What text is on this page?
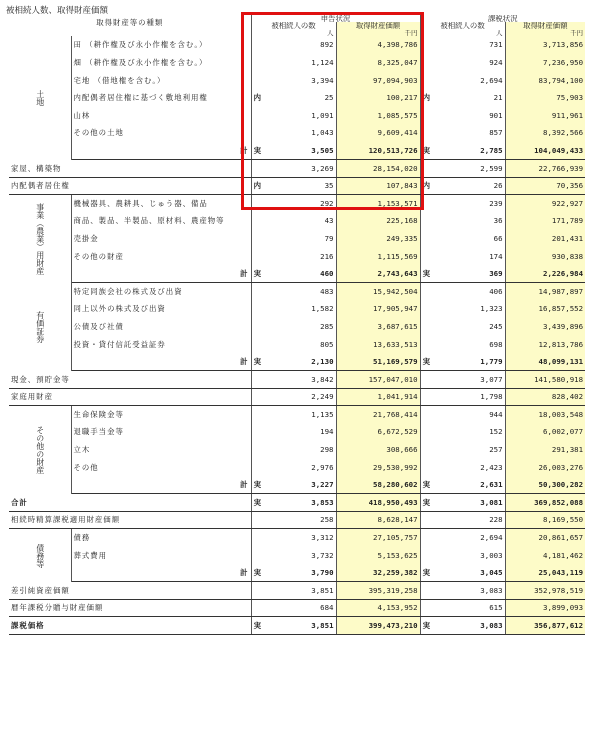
被相続人数、取得財産価額
取得財産等の種類		申告状況			課税状況		
		被相続人の数		取得財産価額	被相続人の数		取得財産価額
		人		千円	人		千円

土地	田 （耕作権及び永小作権を含む。）		892	4,398,786		731	3,713,856
	畑 （耕作権及び永小作権を含む。）		1,124	8,325,047		924	7,236,950
	宅地 （借地権を含む。）		3,394	97,094,903		2,694	83,794,100
	内配偶者居住権に基づく敷地利用権	内	25	100,217	内	21	75,903
	山林		1,091	1,085,575		901	911,961
	その他の土地		1,043	9,609,414		857	8,392,566
	計	実	3,505	120,513,726	実	2,785	104,049,433
家屋、構築物			3,269	28,154,020		2,599	22,766,939
内配偶者居住権		内	35	107,843	内	26	70,356

事業（農業）用財産	機械器具、農耕具、じゅう器、備品		292	1,153,571		239	922,927
	商品、製品、半製品、原材料、農産物等		43	225,168		36	171,789
	売掛金		79	249,335		66	201,431
	その他の財産		216	1,115,569		174	930,838
	計	実	460	2,743,643	実	369	2,226,984

有価証券	特定同族会社の株式及び出資		483	15,942,504		406	14,987,897
	同上以外の株式及び出資		1,582	17,905,947		1,323	16,857,552
	公債及び社債		285	3,687,615		245	3,439,896
	投資・貸付信託受益証券		805	13,633,513		698	12,813,786
	計	実	2,130	51,169,579	実	1,779	48,099,131
現金、預貯金等			3,842	157,047,010		3,077	141,580,918
家庭用財産			2,249	1,041,914		1,798	828,402

その他の財産	生命保険金等		1,135	21,768,414		944	18,003,548
	退職手当金等		194	6,672,529		152	6,002,077
	立木		298	308,666		257	291,381
	その他		2,976	29,530,992		2,423	26,003,276
	計	実	3,227	58,280,602	実	2,631	50,300,282
合計		実	3,853	418,950,493	実	3,081	369,852,088
相続時精算課税適用財産価額			258	8,628,147		228	8,169,550

債務等	債務		3,312	27,105,757		2,694	20,861,657
	葬式費用		3,732	5,153,625		3,003	4,181,462
	計	実	3,790	32,259,382	実	3,045	25,043,119
差引純資産価額			3,851	395,319,258		3,083	352,978,519
暦年課税分贈与財産価額			684	4,153,952		615	3,899,093
課税価格		実	3,851	399,473,210	実	3,083	356,877,612
